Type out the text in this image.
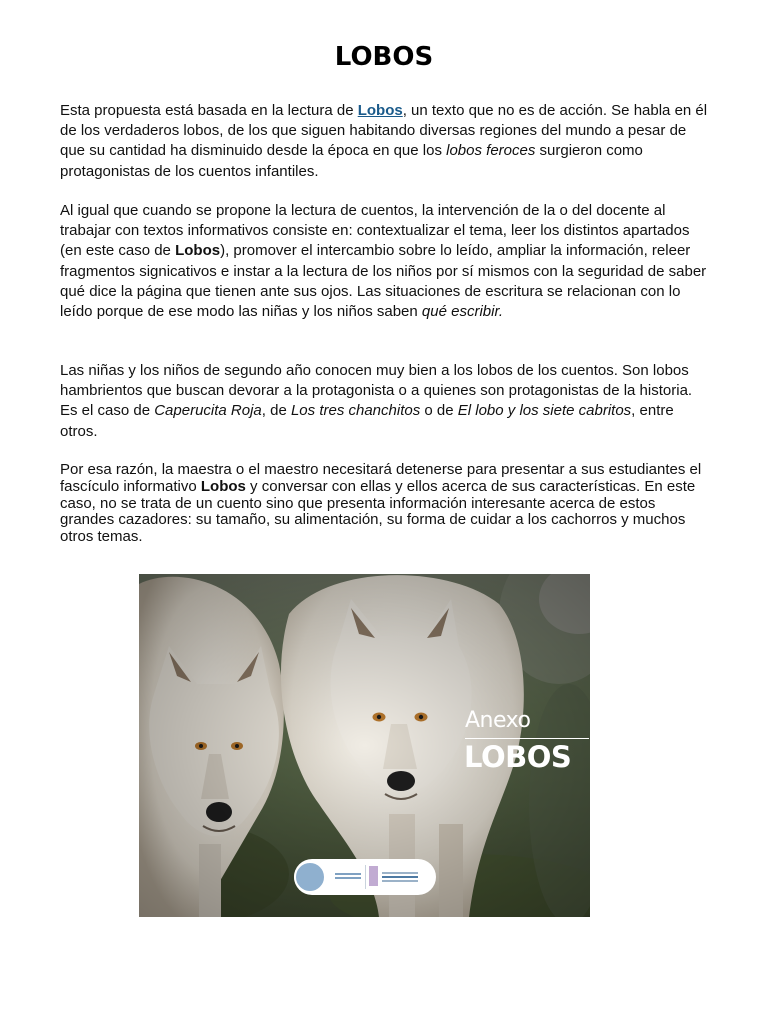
LOBOS

Esta propuesta está basada en la lectura de Lobos, un texto que no es de acción. Se habla en él de los verdaderos lobos, de los que siguen habitando diversas regiones del mundo a pesar de que su cantidad ha disminuido desde la época en que los lobos feroces surgieron como protagonistas de los cuentos infantiles.

Al igual que cuando se propone la lectura de cuentos, la intervención de la o del docente al trabajar con textos informativos consiste en: contextualizar el tema, leer los distintos apartados (en este caso de Lobos), promover el intercambio sobre lo leído, ampliar la información, releer fragmentos signicativos e instar a la lectura de los niños por sí mismos con la seguridad de saber qué dice la página que tienen ante sus ojos. Las situaciones de escritura se relacionan con lo leído porque de ese modo las niñas y los niños saben qué escribir.

Las niñas y los niños de segundo año conocen muy bien a los lobos de los cuentos. Son lobos hambrientos que buscan devorar a la protagonista o a quienes son protagonistas de la historia. Es el caso de Caperucita Roja, de Los tres chanchitos o de El lobo y los siete cabritos, entre otros.

Por esa razón, la maestra o el maestro necesitará detenerse para presentar a sus estudiantes el fascículo informativo Lobos y conversar con ellas y ellos acerca de sus características. En este caso, no se trata de un cuento sino que presenta información interesante acerca de estos grandes cazadores: su tamaño, su alimentación, su forma de cuidar a los cachorros y muchos otros temas.

Anexo
LOBOS
